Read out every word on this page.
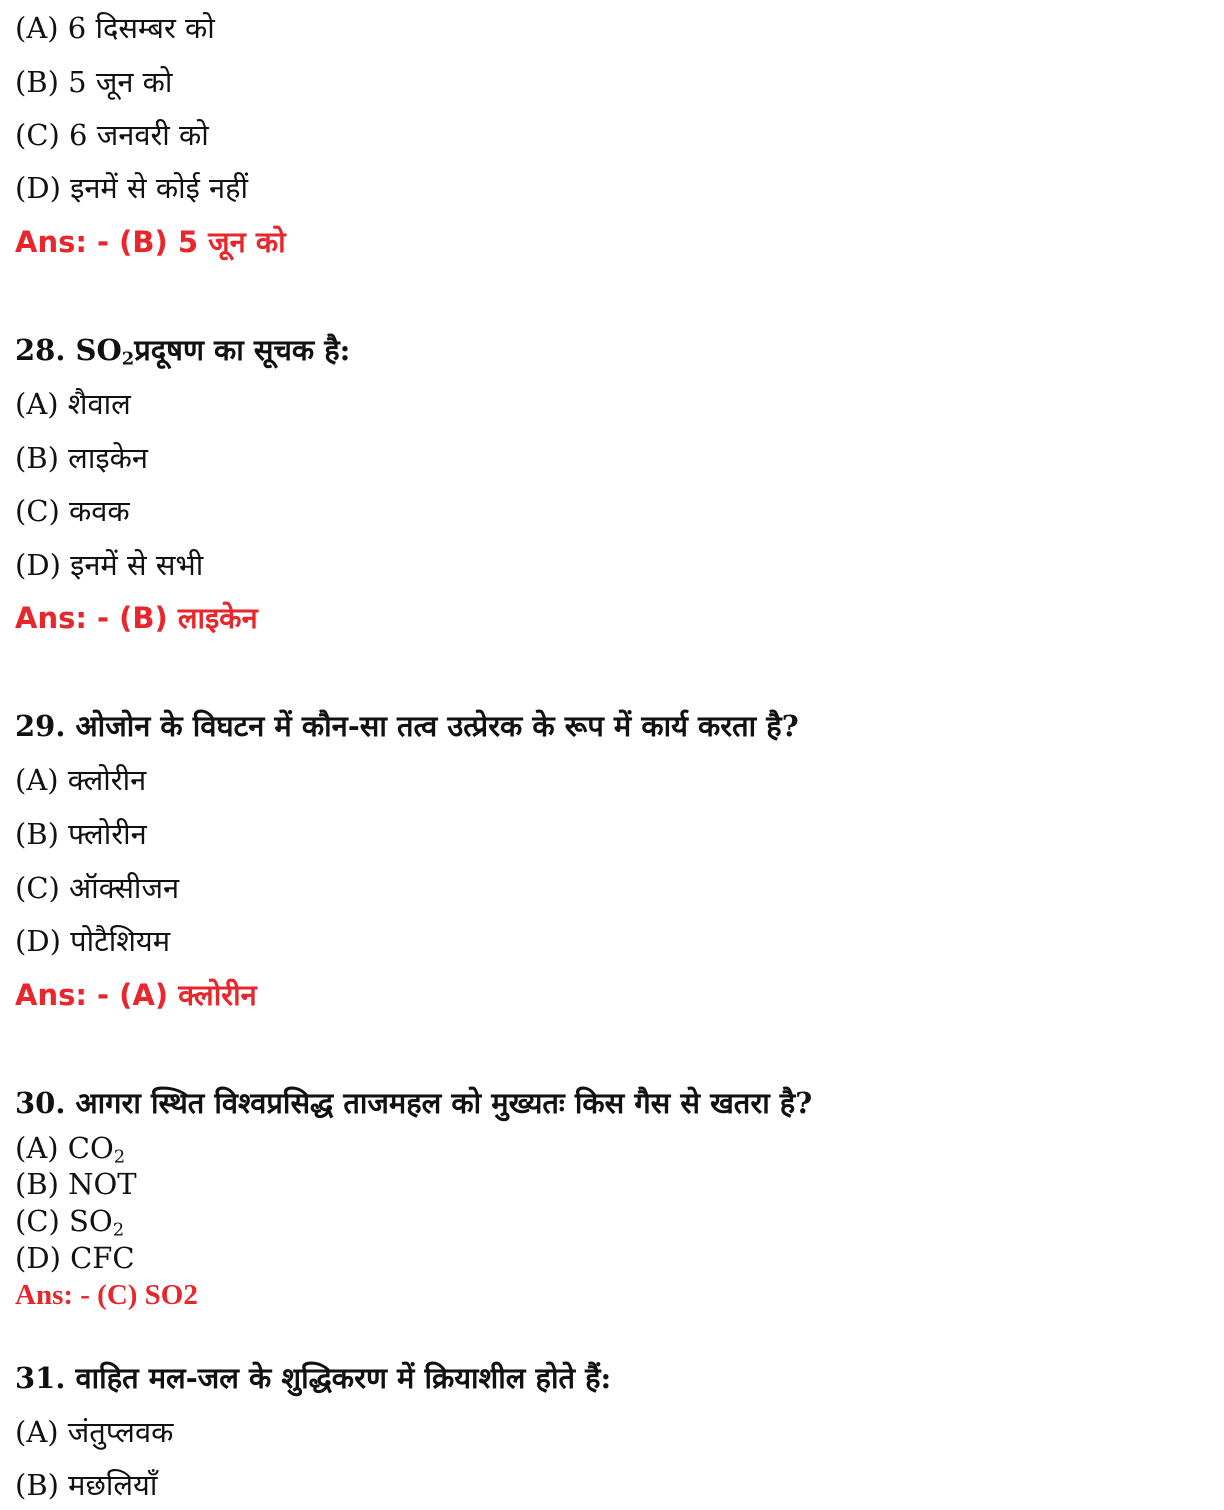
(A) 6 दिसम्बर को
(B) 5 जून को
(C) 6 जनवरी को
(D) इनमें से कोई नहीं
Ans: - (B) 5 जून को
28. $SO_2प्रदूषण$ का सूचक है:
(A) शैवाल
(B) लाइकेन
(C) कवक
(D) इनमें से सभी
Ans: - (B) लाइकेन
29. ओजोन के विघटन में कौन-सा तत्व उत्प्रेरक के रूप में कार्य करता है?
(A) क्लोरीन
(B) फ्लोरीन
(C) ऑक्सीजन
(D) पोटैशियम
Ans: - (A) क्लोरीन
30. आगरा स्थित विश्वप्रसिद्ध ताजमहल को मुख्यतः किस गैस से खतरा है?
(A) $CO_2$
(B) NOT
(C) $SO_2$
(D) CFC
Ans: - (C) SO2
31. वाहित मल-जल के शुद्धिकरण में क्रियाशील होते हैं:
(A) जंतुप्लवक
(B) मछलियाँ
